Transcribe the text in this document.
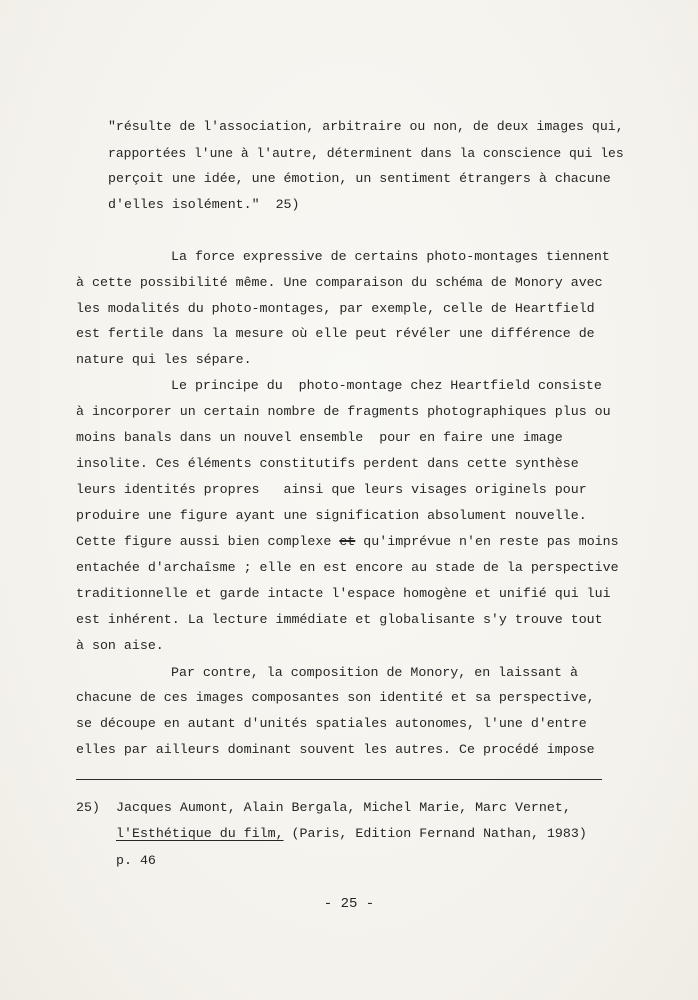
"résulte de l'association, arbitraire ou non, de deux images qui,
rapportées l'une à l'autre, déterminent dans la conscience qui les
perçoit une idée, une émotion, un sentiment étrangers à chacune
d'elles isolément."  25)
La force expressive de certains photo-montages tiennent
à cette possibilité même. Une comparaison du schéma de Monory avec
les modalités du photo-montages, par exemple, celle de Heartfield
est fertile dans la mesure où elle peut révéler une différence de
nature qui les sépare.
Le principe du  photo-montage chez Heartfield consiste
à incorporer un certain nombre de fragments photographiques plus ou
moins banals dans un nouvel ensemble  pour en faire une image
insolite. Ces éléments constitutifs perdent dans cette synthèse
leurs identités propres   ainsi que leurs visages originels pour
produire une figure ayant une signification absolument nouvelle.
Cette figure aussi bien complexe et qu'imprévue n'en reste pas moins
entachée d'archaîsme ; elle en est encore au stade de la perspective
traditionnelle et garde intacte l'espace homogène et unifié qui lui
est inhérent. La lecture immédiate et globalisante s'y trouve tout
à son aise.
Par contre, la composition de Monory, en laissant à
chacune de ces images composantes son identité et sa perspective,
se découpe en autant d'unités spatiales autonomes, l'une d'entre
elles par ailleurs dominant souvent les autres. Ce procédé impose
25) Jacques Aumont, Alain Bergala, Michel Marie, Marc Vernet,
l'Esthétique du film, (Paris, Edition Fernand Nathan, 1983)
p. 46
- 25 -
